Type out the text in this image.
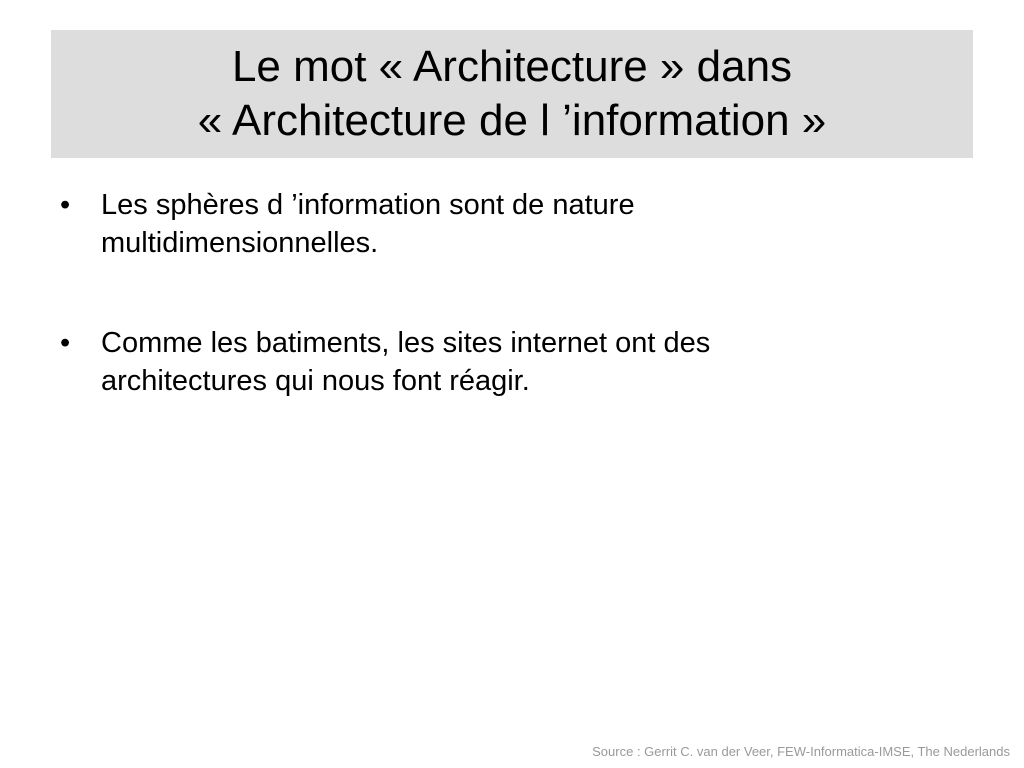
Le mot « Architecture » dans
« Architecture de l ’information »
• Les sphères d ’information sont de nature
multidimensionnelles.
• Comme les batiments, les sites internet ont des
architectures qui nous font réagir.
Source : Gerrit C. van der Veer, FEW-Informatica-IMSE, The Nederlands
